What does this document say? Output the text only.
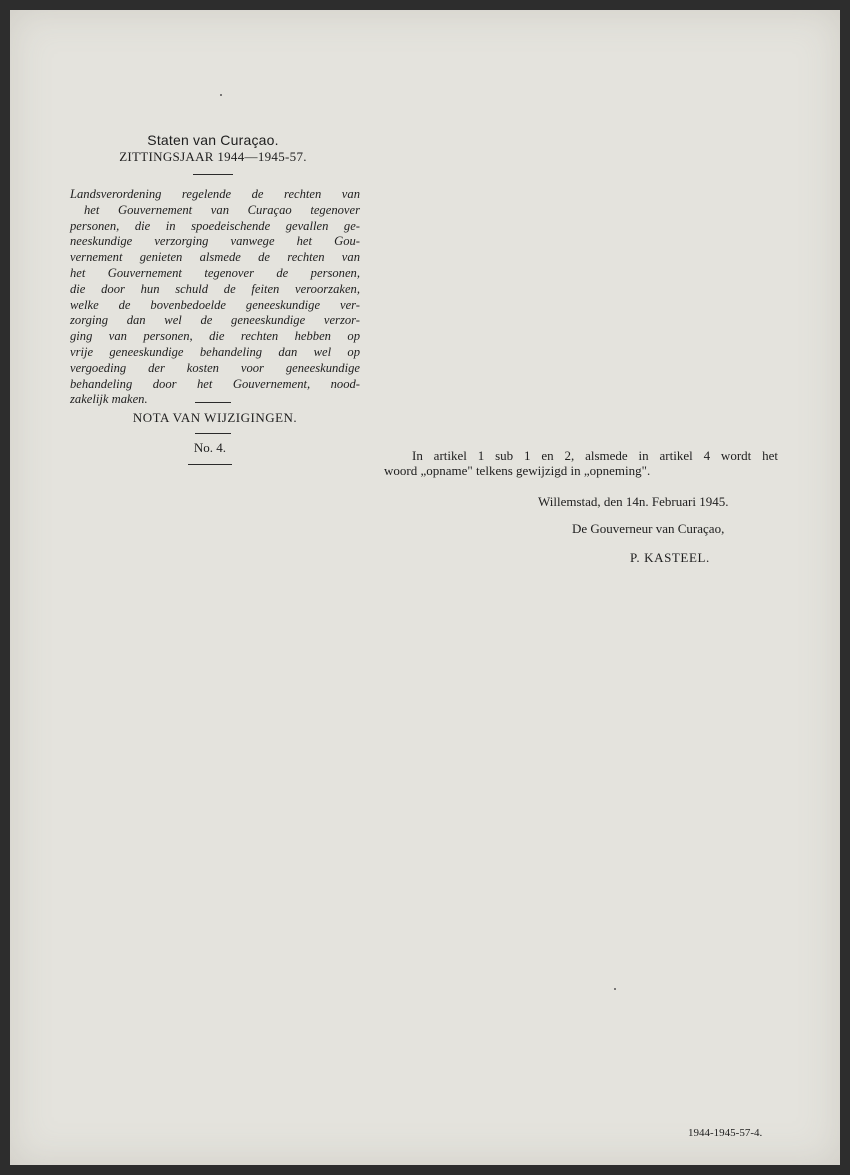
Staten van Curaçao.
ZITTINGSJAAR 1944—1945-57.
Landsverordening regelende de rechten van
het Gouvernement van Curaçao tegenover
personen, die in spoedeischende gevallen ge-
neeskundige verzorging vanwege het Gou-
vernement genieten alsmede de rechten van
het Gouvernement tegenover de personen,
die door hun schuld de feiten veroorzaken,
welke de bovenbedoelde geneeskundige ver-
zorging dan wel de geneeskundige verzor-
ging van personen, die rechten hebben op
vrije geneeskundige behandeling dan wel op
vergoeding der kosten voor geneeskundige
behandeling door het Gouvernement, nood-
zakelijk maken.
NOTA VAN WIJZIGINGEN.
No. 4.
In artikel 1 sub 1 en 2, alsmede in artikel 4 wordt het
woord „opname" telkens gewijzigd in „opneming".
Willemstad, den 14n. Februari 1945.
De Gouverneur van Curaçao,
P. KASTEEL.
1944-1945-57-4.
